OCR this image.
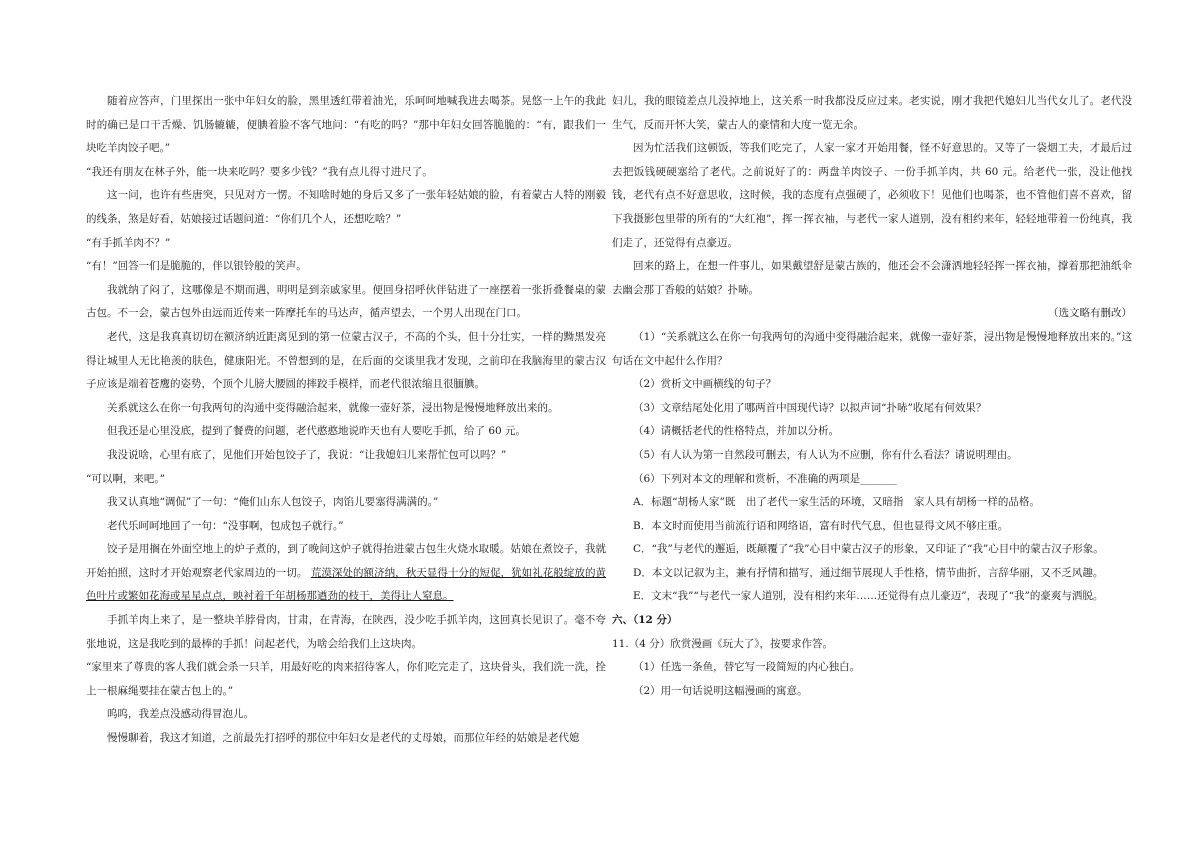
随着应答声，门里探出一张中年妇女的脸，黑里透红带着油光，乐呵呵地喊我进去喝茶。晃悠一上午的我此时的确已是口干舌燥、饥肠辘辘，便腆着脸不客气地问：“有吃的吗？”那中年妇女回答脆脆的：“有，跟我们一块吃羊肉饺子吧。”

“我还有朋友在林子外，能一块来吃吗？要多少钱？”我有点儿得寸进尺了。

这一问，也许有些唐突，只见对方一愣。不知啥时她的身后又多了一张年轻姑娘的脸，有着蒙古人特的刚毅的线条，煞是好看，姑娘接过话题问道：“你们几个人，还想吃啥？”

“有手抓羊肉不？”

“有！”回答一们是脆脆的，伴以银铃般的笑声。

我就纳了闷了，这哪像是不期而遇，明明是到亲戚家里。便回身招呼伙伴钻进了一座摆着一张折叠餐桌的蒙古包。不一会，蒙古包外由远而近传来一阵摩托车的马达声，循声望去，一个男人出现在门口。

老代，这是我真真切切在额济纳近距离见到的第一位蒙古汉子，不高的个头，但十分壮实，一样的黝黑发亮得让城里人无比艳羡的肤色，健康阳光。不曾想到的是，在后面的交谈里我才发现，之前印在我脑海里的蒙古汉子应该是端着苍鹰的姿势，个顶个儿膀大腰圆的摔跤手模样，而老代很浓缩且很腼腆。

关系就这么在你一句我两句的沟通中变得融洽起来，就像一壶好茶，浸出物是慢慢地释放出来的。

但我还是心里没底，提到了餐费的问题，老代憨憨地说昨天也有人要吃手抓，给了 60 元。

我没说啥，心里有底了，见他们开始包饺子了，我说：“让我媳妇儿来帮忙包可以吗？”

“可以啊，来吧。”

我又认真地“调侃”了一句：“俺们山东人包饺子，肉馅儿要塞得满满的。”

老代乐呵呵地回了一句：“没事啊，包成包子就行。”

饺子是用搁在外面空地上的炉子煮的，到了晚间这炉子就得抬进蒙古包生火烧水取暖。姑娘在煮饺子，我就开始拍照，这时才开始观察老代家周边的一切。 荒漠深处的额济纳，秋天显得十分的短促，犹如礼花般绽放的黄色叶片或繁如花海或星星点点，映衬着千年胡杨那遒劲的枝干，美得让人窒息。

手抓羊肉上来了，是一整块羊脖骨肉，甘肃，在青海，在陕西，没少吃手抓羊肉，这回真长见识了。毫不夸张地说，这是我吃到的最棒的手抓！问起老代，为啥会给我们上这块肉。

“家里来了尊贵的客人我们就会杀一只羊，用最好吃的肉来招待客人，你们吃完走了，这块骨头，我们洗一洗，拴上一根麻绳要挂在蒙古包上的。”

呜呜，我差点没感动得冒泡儿。

慢慢聊着，我这才知道，之前最先打招呼的那位中年妇女是老代的丈母娘，而那位年经的姑娘是老代媳

妇儿，我的眼镜差点儿没掉地上，这关系一时我都没反应过来。老实说，刚才我把代媳妇儿当代女儿了。老代没生气，反而开怀大笑，蒙古人的豪情和大度一览无余。

因为忙活我们这顿饭，等我们吃完了，人家一家才开始用餐，怪不好意思的。又等了一袋烟工夫，才最后过去把饭钱硬硬塞给了老代。之前说好了的：两盘羊肉饺子、一份手抓羊肉，共 60 元。给老代一张，没让他找钱，老代有点不好意思收，这时候，我的态度有点强硬了，必须收下！见他们也喝茶，也不管他们喜不喜欢，留下我摄影包里带的所有的“大红袍”，挥一挥衣袖，与老代一家人道别，没有相约来年，轻轻地带着一份纯真，我们走了，还觉得有点豪迈。

回来的路上，在想一件事儿，如果戴望舒是蒙古族的，他还会不会潇洒地轻轻挥一挥衣袖，撑着那把油纸伞去幽会那丁香般的姑娘？扑哧。

（选文略有删改）

（1）“关系就这么在你一句我两句的沟通中变得融洽起来，就像一壶好茶，浸出物是慢慢地释放出来的。”这句话在文中起什么作用？

（2）赏析文中画横线的句子？

（3）文章结尾处化用了哪两首中国现代诗？以拟声词“扑哧”收尾有何效果？

（4）请概括老代的性格特点，并加以分析。

（5）有人认为第一自然段可删去，有人认为不应删，你有什么看法？请说明理由。

（6）下列对本文的理解和赏析，不准确的两项是_______

A．标题“胡杨人家”既　出了老代一家生活的环境，又暗指　家人具有胡杨一样的品格。

B．本文时而使用当前流行语和网络语，富有时代气息，但也显得文风不够庄重。

C．“我”与老代的邂逅，既颠覆了“我”心目中蒙古汉子的形象，又印证了“我”心目中的蒙古汉子形象。

D．本文以记叙为主，兼有抒情和描写，通过细节展现人手性格，情节曲折，言辞华丽，又不乏风趣。

E．文末“我”“与老代一家人道别，没有相约来年……还觉得有点儿豪迈”，表现了“我”的豪爽与洒脱。

六、（12 分）

11.（4 分）欣赏漫画《玩大了》，按要求作答。

（1）任选一条鱼，替它写一段简短的内心独白。

（2）用一句话说明这幅漫画的寓意。
